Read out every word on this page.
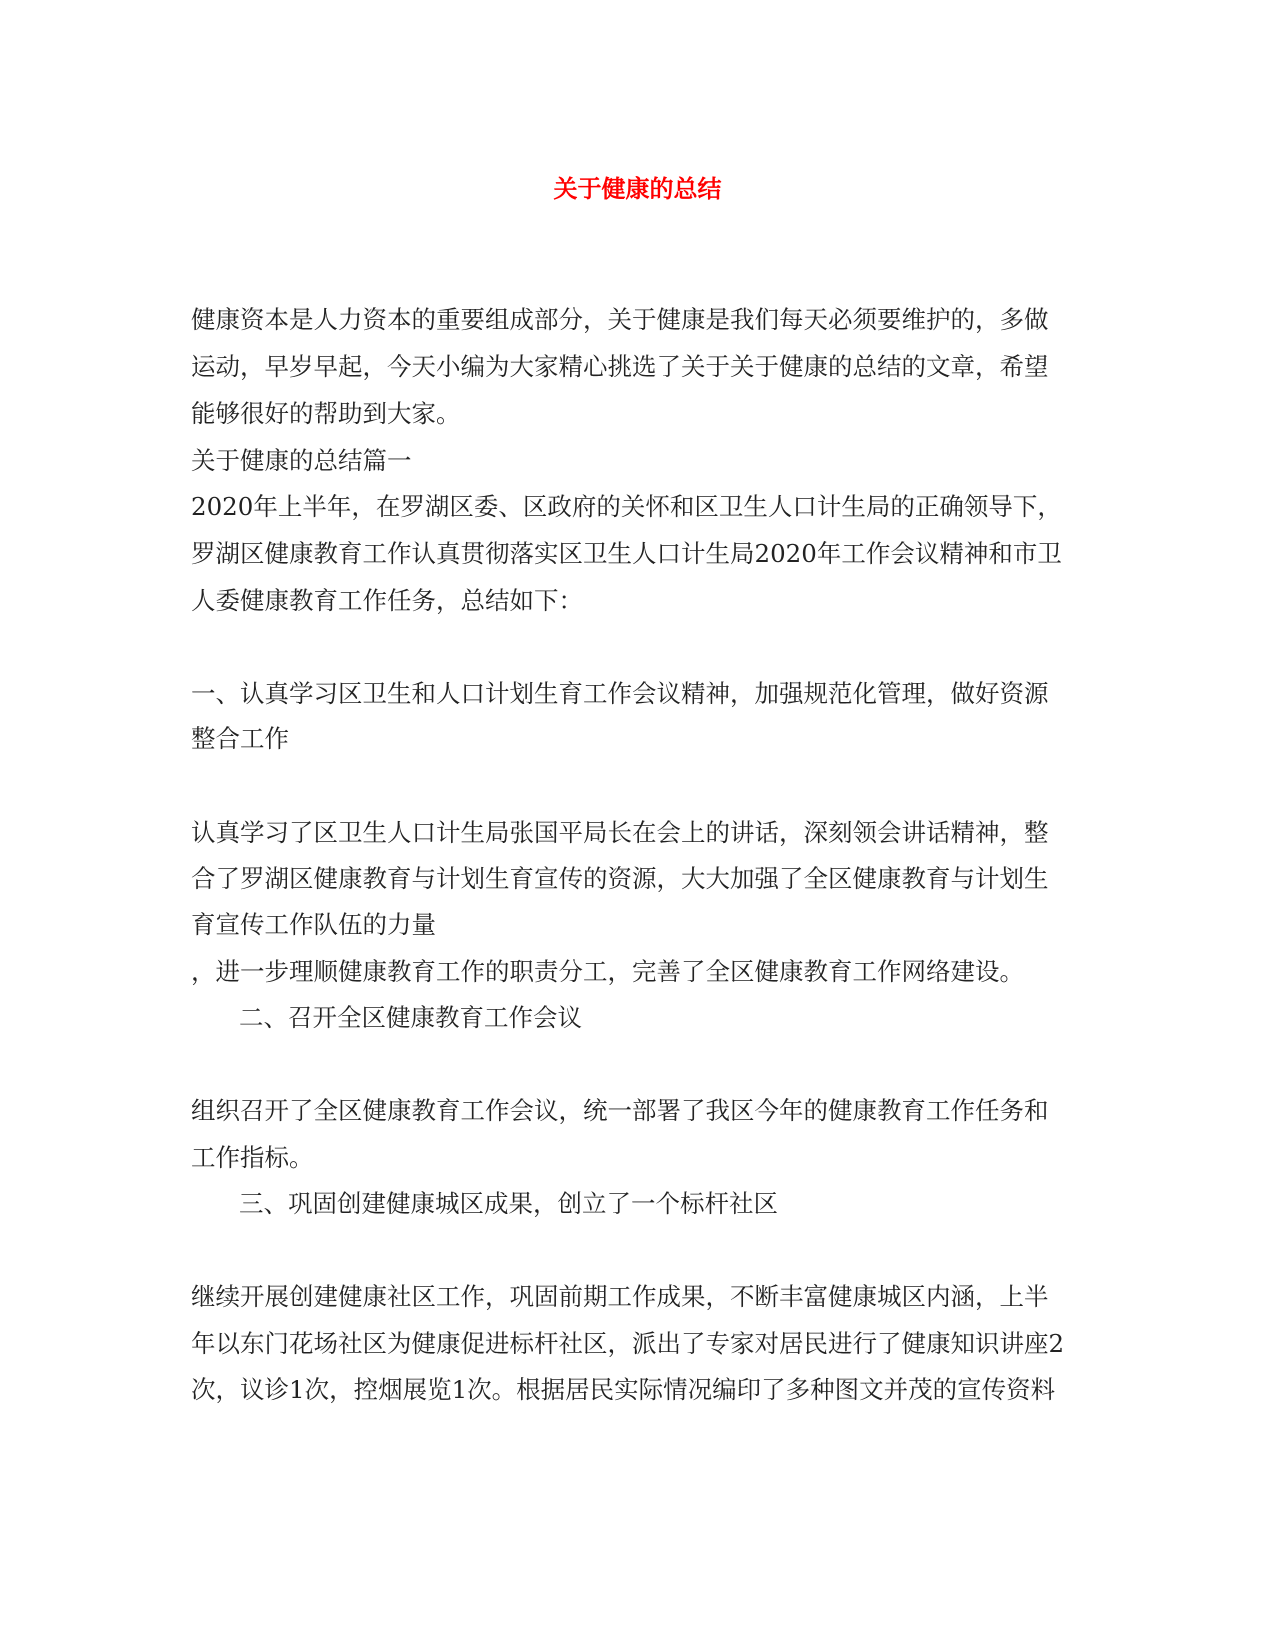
关于健康的总结
健康资本是人力资本的重要组成部分，关于健康是我们每天必须要维护的，多做
运动，早岁早起，今天小编为大家精心挑选了关于关于健康的总结的文章，希望
能够很好的帮助到大家。
关于健康的总结篇一
2020年上半年，在罗湖区委、区政府的关怀和区卫生人口计生局的正确领导下，
罗湖区健康教育工作认真贯彻落实区卫生人口计生局2020年工作会议精神和市卫
人委健康教育工作任务，总结如下：
一、认真学习区卫生和人口计划生育工作会议精神，加强规范化管理，做好资源
整合工作
认真学习了区卫生人口计生局张国平局长在会上的讲话，深刻领会讲话精神，整
合了罗湖区健康教育与计划生育宣传的资源，大大加强了全区健康教育与计划生
育宣传工作队伍的力量
，进一步理顺健康教育工作的职责分工，完善了全区健康教育工作网络建设。
二、召开全区健康教育工作会议
组织召开了全区健康教育工作会议，统一部署了我区今年的健康教育工作任务和
工作指标。
三、巩固创建健康城区成果，创立了一个标杆社区
继续开展创建健康社区工作，巩固前期工作成果，不断丰富健康城区内涵，上半
年以东门花场社区为健康促进标杆社区，派出了专家对居民进行了健康知识讲座2
次，议诊1次，控烟展览1次。根据居民实际情况编印了多种图文并茂的宣传资料
